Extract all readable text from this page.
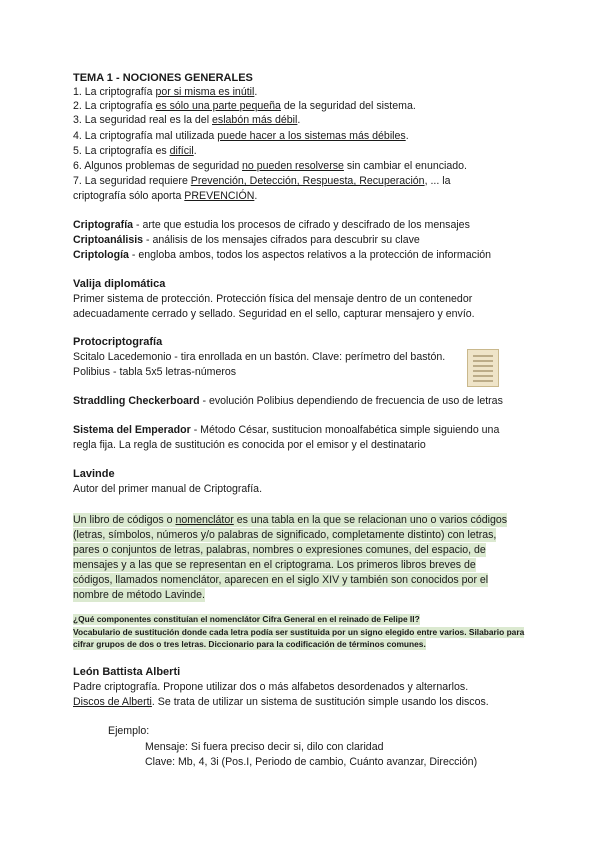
TEMA 1 - NOCIONES GENERALES
1. La criptografía por si misma es inútil.
2. La criptografía es sólo una parte pequeña de la seguridad del sistema.
3. La seguridad real es la del eslabón más débil.
4. La criptografía mal utilizada puede hacer a los sistemas más débiles.
5. La criptografía es difícil.
6. Algunos problemas de seguridad no pueden resolverse sin cambiar el enunciado.
7. La seguridad requiere Prevención, Detección, Respuesta, Recuperación, ... la
criptografía sólo aporta PREVENCIÓN.
Criptografía - arte que estudia los procesos de cifrado y descifrado de los mensajes
Criptoanálisis - análisis de los mensajes cifrados para descubrir su clave
Criptología - engloba ambos, todos los aspectos relativos a la protección de información
Valija diplomática
Primer sistema de protección. Protección física del mensaje dentro de un contenedor
adecuadamente cerrado y sellado. Seguridad en el sello, capturar mensajero y envío.
Protocriptografía
Scitalo Lacedemonio - tira enrollada en un bastón. Clave: perímetro del bastón.
Polibius - tabla 5x5 letras-números
Straddling Checkerboard - evolución Polibius dependiendo de frecuencia de uso de letras
Sistema del Emperador - Método César, sustitucion monoalfabética simple siguiendo una
regla fija. La regla de sustitución es conocida por el emisor y el destinatario
Lavinde
Autor del primer manual de Criptografía.
Un libro de códigos o nomenclátor es una tabla en la que se relacionan uno o varios códigos
(letras, símbolos, números y/o palabras de significado, completamente distinto) con letras,
pares o conjuntos de letras, palabras, nombres o expresiones comunes, del espacio, de
mensajes y a las que se representan en el criptograma. Los primeros libros breves de
códigos, llamados nomenclátor, aparecen en el siglo XIV y también son conocidos por el
nombre de método Lavinde.
¿Qué componentes constituían el nomenclátor Cifra General en el reinado de Felipe II?
Vocabulario de sustitución donde cada letra podía ser sustituida por un signo elegido entre varios. Silabario para
cifrar grupos de dos o tres letras. Diccionario para la codificación de términos comunes.
León Battista Alberti
Padre criptografía. Propone utilizar dos o más alfabetos desordenados y alternarlos.
Discos de Alberti. Se trata de utilizar un sistema de sustitución simple usando los discos.
Ejemplo:
Mensaje: Si fuera preciso decir si, dilo con claridad
Clave: Mb, 4, 3i (Pos.I, Periodo de cambio, Cuánto avanzar, Dirección)
